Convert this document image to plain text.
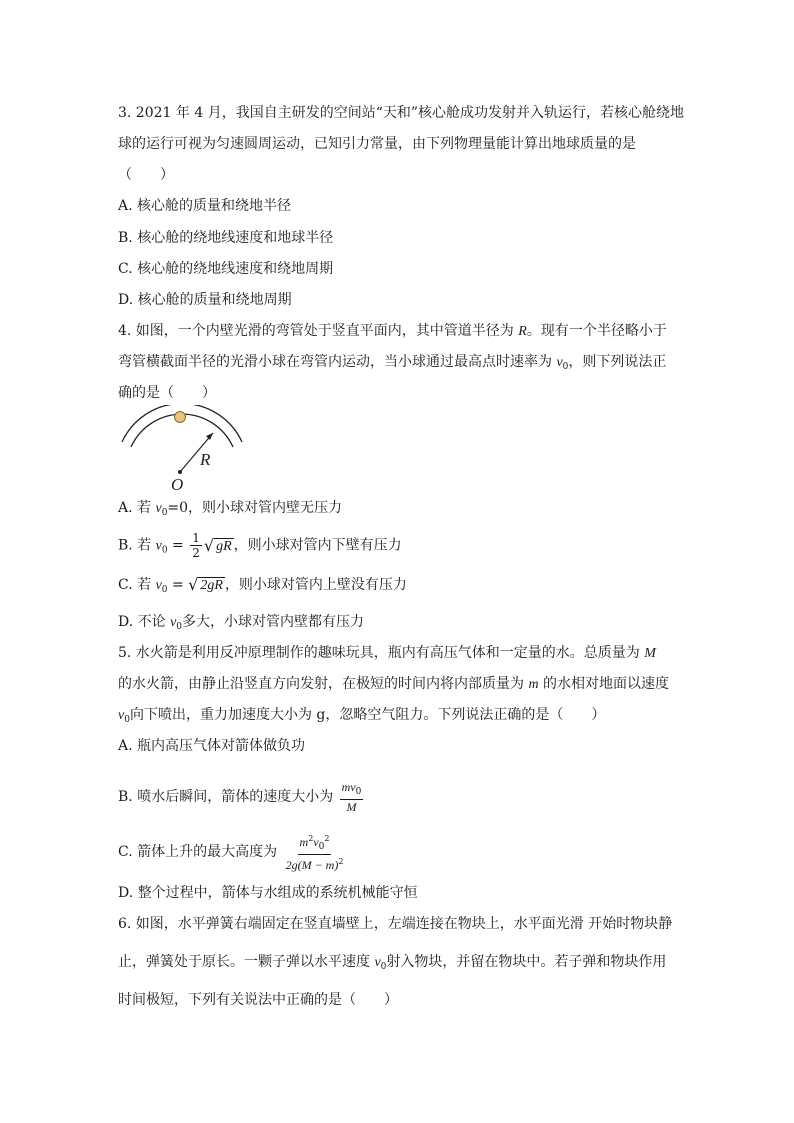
3. 2021 年 4 月，我国自主研发的空间站“天和”核心舱成功发射并入轨运行，若核心舱绕地
球的运行可视为匀速圆周运动，已知引力常量，由下列物理量能计算出地球质量的是
（　　）
A. 核心舱的质量和绕地半径
B. 核心舱的绕地线速度和地球半径
C. 核心舱的绕地线速度和绕地周期
D. 核心舱的质量和绕地周期
4. 如图，一个内壁光滑的弯管处于竖直平面内，其中管道半径为 R。现有一个半径略小于
弯管横截面半径的光滑小球在弯管内运动，当小球通过最高点时速率为 $v_0$，则下列说法正
确的是（　　）
R
O
A. 若 $v_0=0$，则小球对管内壁无压力
B. 若 $v_0 = \frac{1}{2}$ √ gR ，则小球对管内下壁有压力
C. 若 $v_0$ = √ 2gR ，则小球对管内上壁没有压力
D. 不论 $v_0$多大，小球对管内壁都有压力
5. 水火箭是利用反冲原理制作的趣味玩具，瓶内有高压气体和一定量的水。总质量为 M
的水火箭，由静止沿竖直方向发射，在极短的时间内将内部质量为 m 的水相对地面以速度
$v_0$向下喷出，重力加速度大小为 g，忽略空气阻力。下列说法正确的是（　　）
A. 瓶内高压气体对箭体做负功
B. 喷水后瞬间，箭体的速度大小为 $\frac{mv_0}{M}$
C. 箭体上升的最大高度为 $\frac{m^2v_0^2}{2g(M - m)^2}$
D. 整个过程中，箭体与水组成的系统机械能守恒
6. 如图，水平弹簧右端固定在竖直墙壁上，左端连接在物块上，水平面光滑 开始时物块静
止，弹簧处于原长。一颗子弹以水平速度 $v_0$射入物块，并留在物块中。若子弹和物块作用
时间极短，下列有关说法中正确的是（　　）
